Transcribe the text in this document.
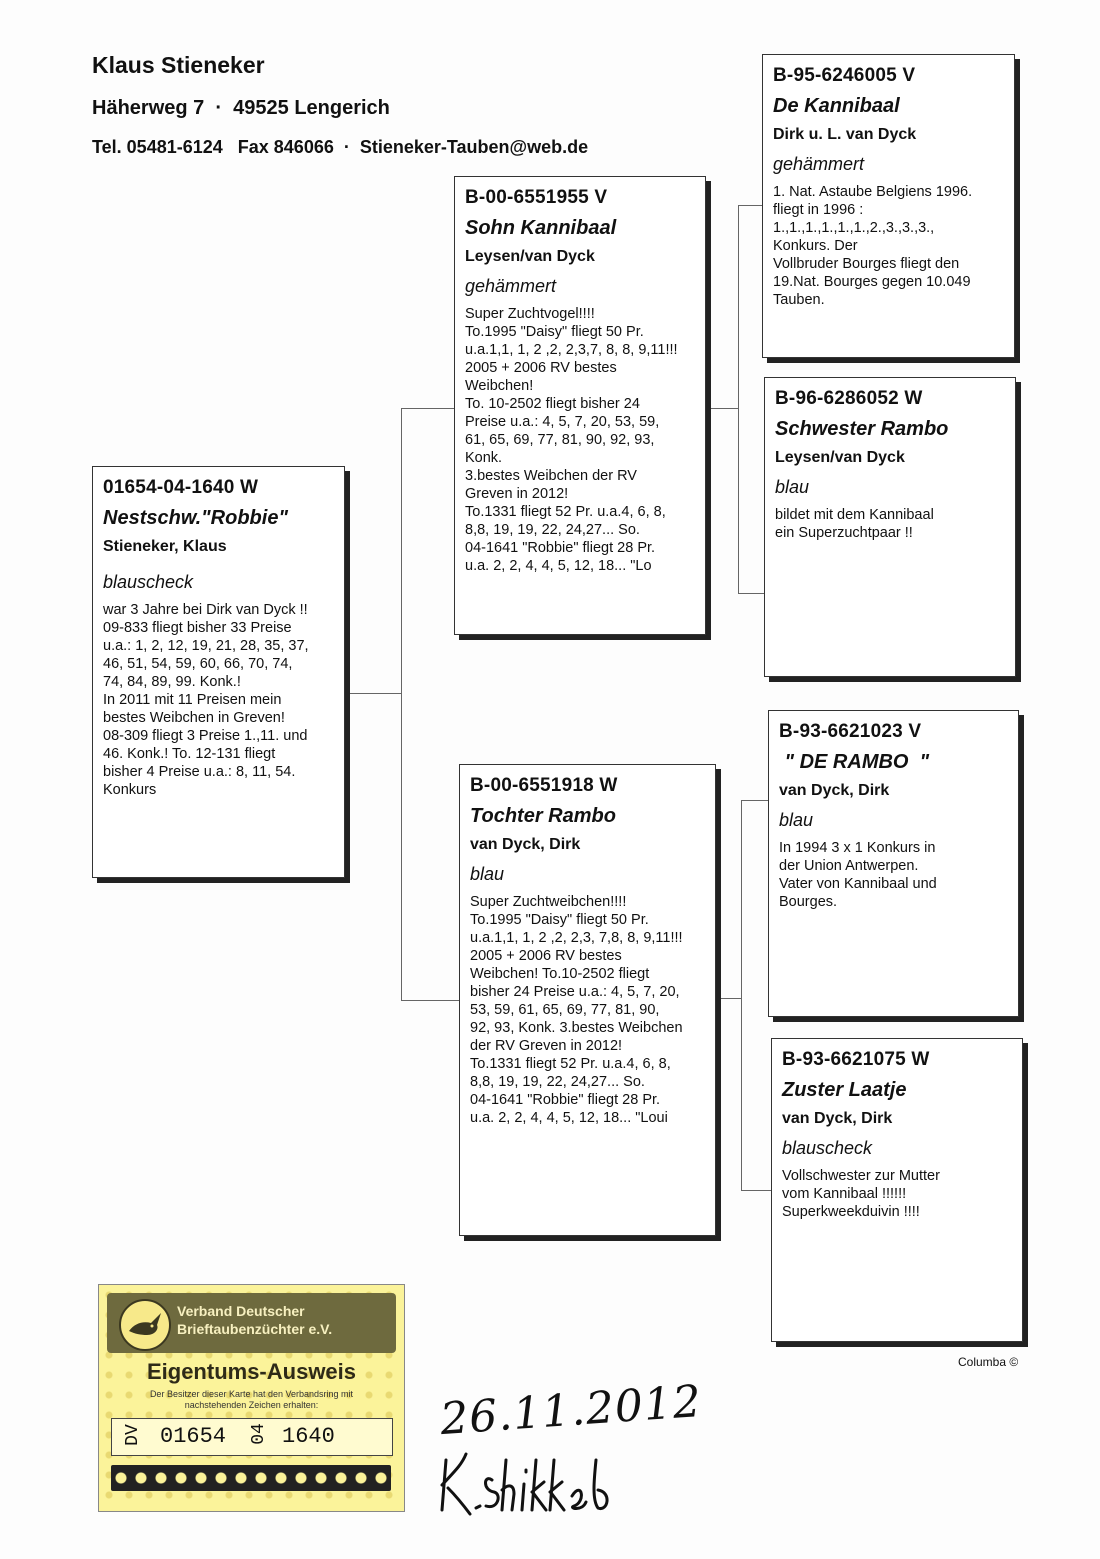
Klaus Stieneker
Häherweg 7  ·  49525 Lengerich
Tel. 05481-6124   Fax 846066  ·  Stieneker-Tauben@web.de
01654-04-1640 W
Nestschw."Robbie"
Stieneker, Klaus
blauscheck
war 3 Jahre bei Dirk van Dyck !!
09-833 fliegt bisher 33 Preise
u.a.: 1, 2, 12, 19, 21, 28, 35, 37,
46, 51, 54, 59, 60, 66, 70, 74,
74, 84, 89, 99. Konk.!
In 2011 mit 11 Preisen mein
bestes Weibchen in Greven!
08-309 fliegt 3 Preise 1.,11. und
46. Konk.! To. 12-131 fliegt
bisher 4 Preise u.a.: 8, 11, 54.
Konkurs
B-00-6551955 V
Sohn Kannibaal
Leysen/van Dyck
gehämmert
Super Zuchtvogel!!!!
To.1995 "Daisy" fliegt 50 Pr.
u.a.1,1, 1, 2 ,2, 2,3,7, 8, 8, 9,11!!!
2005 + 2006 RV bestes
Weibchen!
To. 10-2502 fliegt bisher 24
Preise u.a.: 4, 5, 7, 20, 53, 59,
61, 65, 69, 77, 81, 90, 92, 93,
Konk.
3.bestes Weibchen der RV
Greven in 2012!
To.1331 fliegt 52 Pr. u.a.4, 6, 8,
8,8, 19, 19, 22, 24,27... So.
04-1641 "Robbie" fliegt 28 Pr.
u.a. 2, 2, 4, 4, 5, 12, 18... "Lo
B-00-6551918 W
Tochter Rambo
van Dyck, Dirk
blau
Super Zuchtweibchen!!!!
To.1995 "Daisy" fliegt 50 Pr.
u.a.1,1, 1, 2 ,2, 2,3, 7,8, 8, 9,11!!!
2005 + 2006 RV bestes
Weibchen! To.10-2502 fliegt
bisher 24 Preise u.a.: 4, 5, 7, 20,
53, 59, 61, 65, 69, 77, 81, 90,
92, 93, Konk. 3.bestes Weibchen
der RV Greven in 2012!
To.1331 fliegt 52 Pr. u.a.4, 6, 8,
8,8, 19, 19, 22, 24,27... So.
04-1641 "Robbie" fliegt 28 Pr.
u.a. 2, 2, 4, 4, 5, 12, 18... "Loui
B-95-6246005 V
De Kannibaal
Dirk u. L. van Dyck
gehämmert
1. Nat. Astaube Belgiens 1996.
fliegt in 1996 :
1.,1.,1.,1.,1.,1.,2.,3.,3.,3.,
Konkurs. Der
Vollbruder Bourges fliegt den
19.Nat. Bourges gegen 10.049
Tauben.
B-96-6286052 W
Schwester Rambo
Leysen/van Dyck
blau
bildet mit dem Kannibaal
ein Superzuchtpaar !!
B-93-6621023 V
" DE RAMBO  "
van Dyck, Dirk
blau
In 1994 3 x 1 Konkurs in
der Union Antwerpen.
Vater von Kannibaal und
Bourges.
B-93-6621075 W
Zuster Laatje
van Dyck, Dirk
blauscheck
Vollschwester zur Mutter
vom Kannibaal !!!!!!
Superkweekduivin !!!!
Columba ©
Verband Deutscher
Brieftaubenzüchter e.V.
Eigentums-Ausweis
Der Besitzer dieser Karte hat den Verbandsring mit nachstehenden Zeichen erhalten:
DV 01654 04 1640 26.11.2012
